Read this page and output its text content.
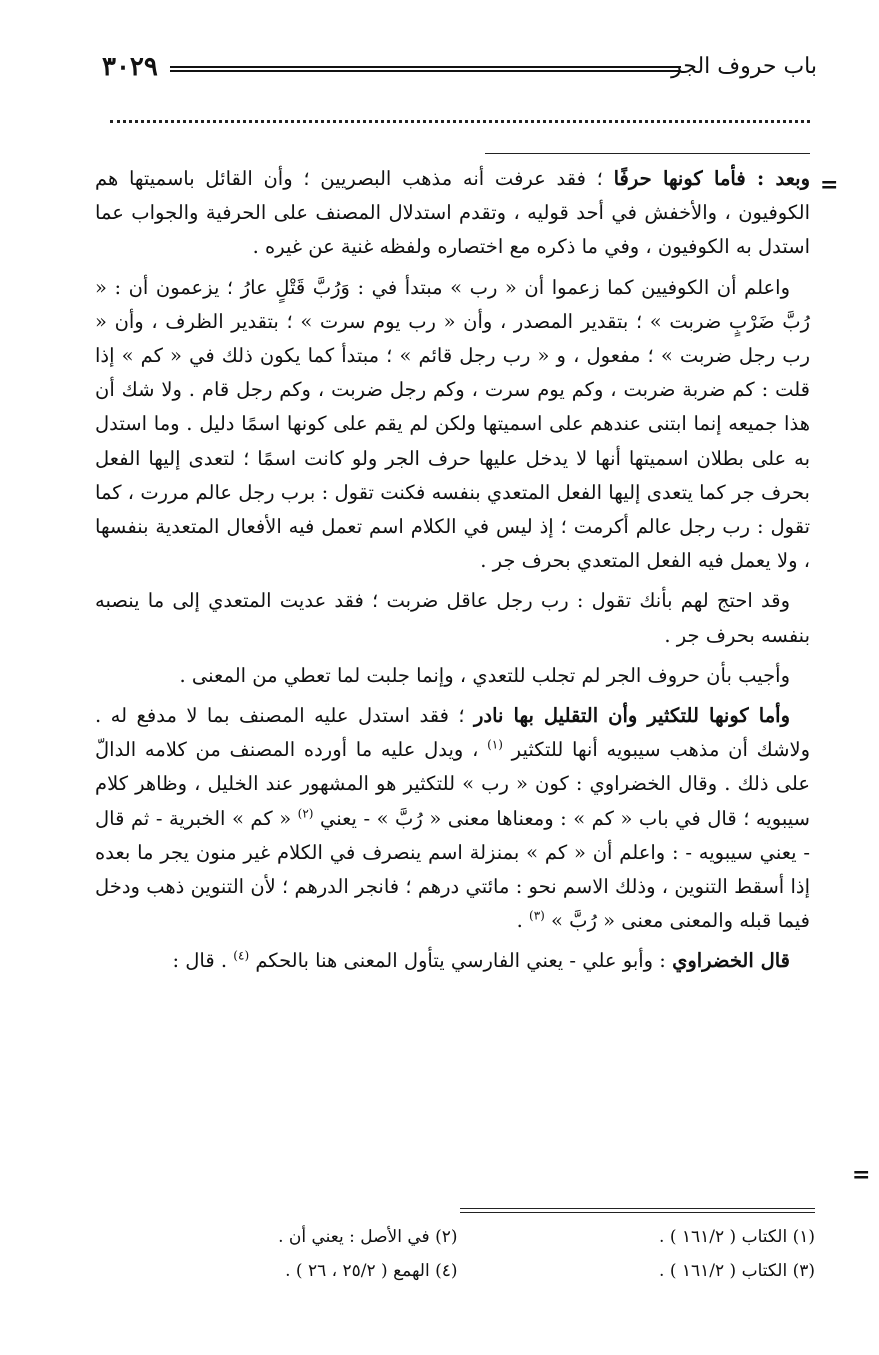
باب حروف الجر
٣٠٢٩
=

وبعد : فأما كونها حرفًا ؛ فقد عرفت أنه مذهب البصريين ؛ وأن القائل باسميتها هم الكوفيون ، والأخفش في أحد قوليه ، وتقدم استدلال المصنف على الحرفية والجواب عما استدل به الكوفيون ، وفي ما ذكره مع اختصاره ولفظه غنية عن غيره .

واعلم أن الكوفيين كما زعموا أن « رب » مبتدأ في : وَرُبَّ قَتْلٍ عارُ ؛ يزعمون أن : « رُبَّ ضَرْبٍ ضربت » ؛ بتقدير المصدر ، وأن « رب يوم سرت » ؛ بتقدير الظرف ، وأن « رب رجل ضربت » ؛ مفعول ، و « رب رجل قائم » ؛ مبتدأ كما يكون ذلك في « كم » إذا قلت : كم ضربة ضربت ، وكم يوم سرت ، وكم رجل ضربت ، وكم رجل قام . ولا شك أن هذا جميعه إنما ابتنى عندهم على اسميتها ولكن لم يقم على كونها اسمًا دليل . وما استدل به على بطلان اسميتها أنها لا يدخل عليها حرف الجر ولو كانت اسمًا ؛ لتعدى إليها الفعل بحرف جر كما يتعدى إليها الفعل المتعدي بنفسه فكنت تقول : برب رجل عالم مررت ، كما تقول : رب رجل عالم أكرمت ؛ إذ ليس في الكلام اسم تعمل فيه الأفعال المتعدية بنفسها ، ولا يعمل فيه الفعل المتعدي بحرف جر .

وقد احتج لهم بأنك تقول : رب رجل عاقل ضربت ؛ فقد عديت المتعدي إلى ما ينصبه بنفسه بحرف جر .

وأجيب بأن حروف الجر لم تجلب للتعدي ، وإنما جلبت لما تعطي من المعنى .

وأما كونها للتكثير وأن التقليل بها نادر ؛ فقد استدل عليه المصنف بما لا مدفع له . ولاشك أن مذهب سيبويه أنها للتكثير $^{(١)}$ ، ويدل عليه ما أورده المصنف من كلامه الدالّ على ذلك . وقال الخضراوي : كون « رب » للتكثير هو المشهور عند الخليل ، وظاهر كلام سيبويه ؛ قال في باب « كم » : ومعناها معنى « رُبَّ » - يعني $^{(٢)}$ « كم » الخبرية - ثم قال - يعني سيبويه - : واعلم أن « كم » بمنزلة اسم ينصرف في الكلام غير منون يجر ما بعده إذا أسقط التنوين ، وذلك الاسم نحو : مائتي درهم ؛ فانجر الدرهم ؛ لأن التنوين ذهب ودخل فيما قبله والمعنى معنى « رُبَّ » $^{(٣)}$ .

قال الخضراوي : وأبو علي - يعني الفارسي يتأول المعنى هنا بالحكم $^{(٤)}$ . قال :

=
(١) الكتاب ( ١٦١/٢ ) .
(٢) في الأصل : يعني أن .
(٣) الكتاب ( ١٦١/٢ ) .
(٤) الهمع ( ٢٥/٢ ، ٢٦ ) .
